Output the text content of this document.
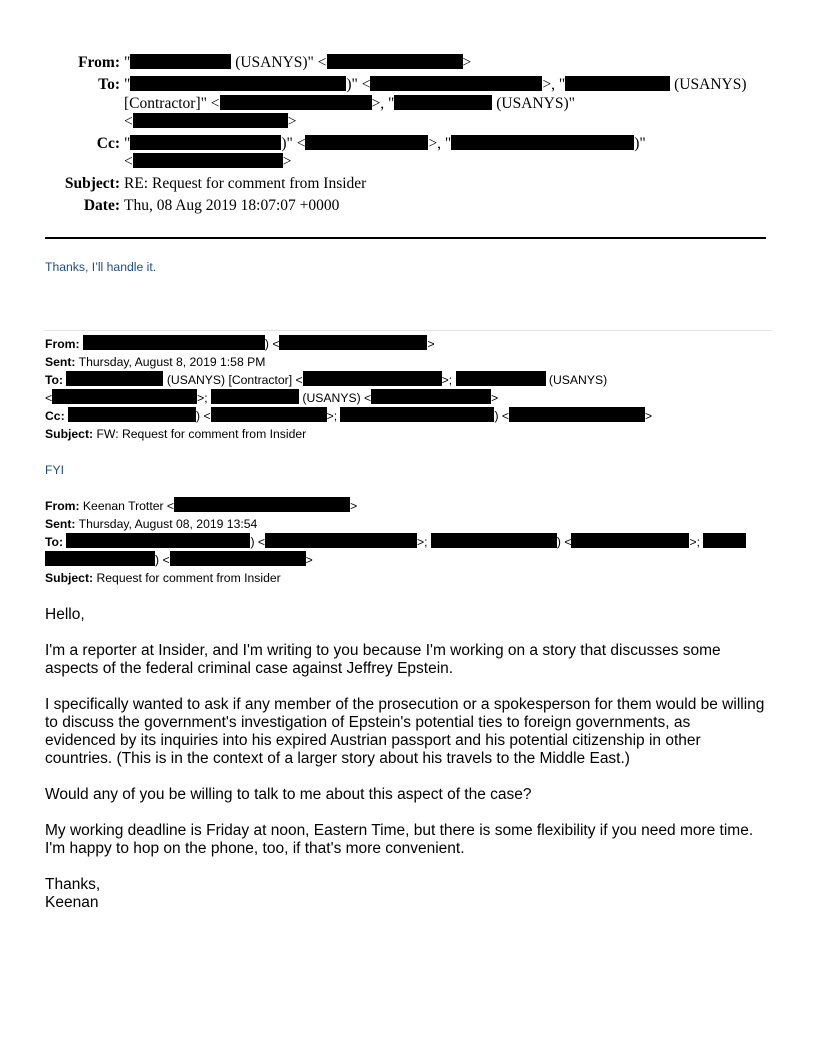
From: "	(USANYS)" <	>
To: "	)" <	>, "	(USANYS)
[Contractor]" <	>, "	(USANYS)"
<	>
Cc: "	)" <	>, "	)"
<	>
Subject: RE: Request for comment from Insider
Date: Thu, 08 Aug 2019 18:07:07 +0000
Thanks, I’ll handle it.
From:	) <	>
Sent: Thursday, August 8, 2019 1:58 PM
To:	(USANYS) [Contractor] <	>;	(USANYS)
<	>;	(USANYS) <	>
Cc:	) <	>;	) <	>
Subject: FW: Request for comment from Insider
FYI
From: Keenan Trotter <	>
Sent: Thursday, August 08, 2019 13:54
To:	) <	>;	) <	>;
) <	>
Subject: Request for comment from Insider
Hello,
I'm a reporter at Insider, and I'm writing to you because I'm working on a story that discusses some aspects of the federal criminal case against Jeffrey Epstein.
I specifically wanted to ask if any member of the prosecution or a spokesperson for them would be willing to discuss the government's investigation of Epstein's potential ties to foreign governments, as evidenced by its inquiries into his expired Austrian passport and his potential citizenship in other countries. (This is in the context of a larger story about his travels to the Middle East.)
Would any of you be willing to talk to me about this aspect of the case?
My working deadline is Friday at noon, Eastern Time, but there is some flexibility if you need more time. I'm happy to hop on the phone, too, if that's more convenient.
Thanks,
Keenan
